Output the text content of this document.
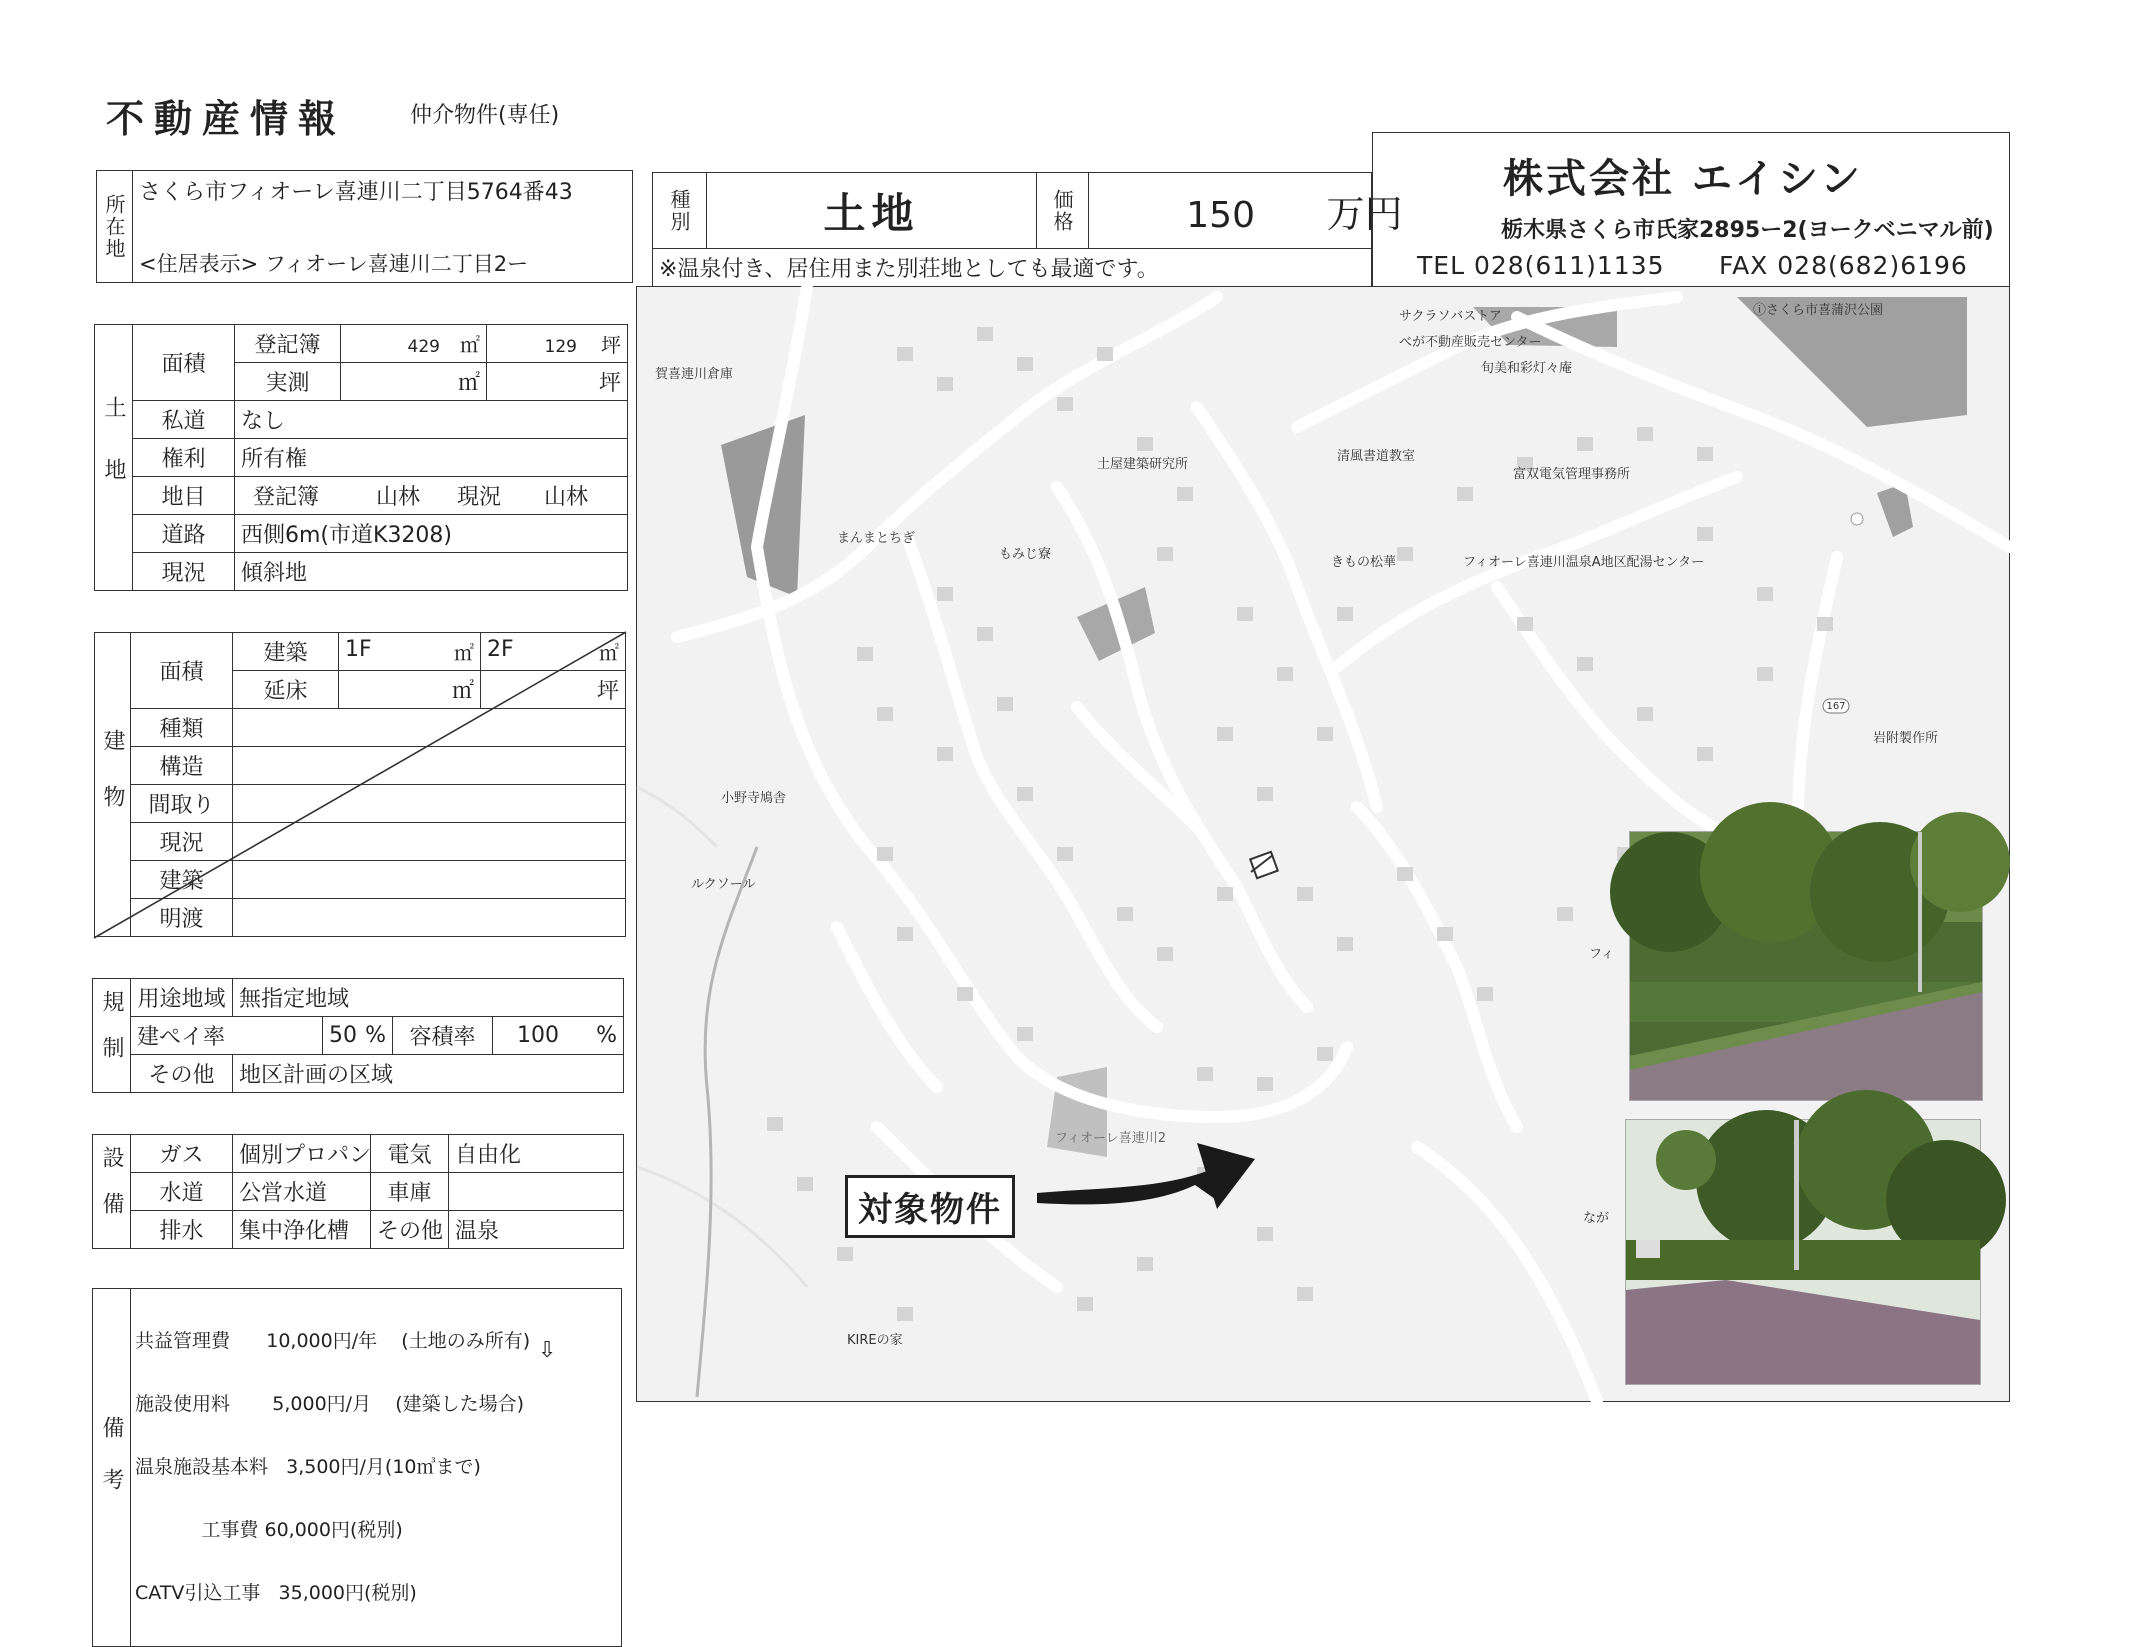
不動産情報	仲介物件(専任)
所在地	さくら市フィオーレ喜連川二丁目5764番43
<住居表示> フィオーレ喜連川二丁目2ー
種別	土地	価格	150 万円
※温泉付き、居住用また別荘地としても最適です。
株式会社 エイシン
栃木県さくら市氏家2895ー2(ヨークベニマル前)
TEL 028(611)1135 FAX 028(682)6196
土地	面積	登記簿	429 ㎡	129 坪
		実測	㎡	坪
	私道	なし		
	権利	所有権		
	地目	登記簿 山林 現況 山林		
	道路	西側6m(市道K3208)		
	現況	傾斜地		
建物	面積	建築	1F ㎡	2F ㎡

		延床	㎡	坪
	種類			
	構造			
	間取り			
	現況			
	建築			
	明渡			
規制	用途地域	無指定地域			
	建ぺイ率		50 %	容積率	100 %

	その他	地区計画の区域			
設備	ガス	個別プロパン	電気	自由化
	水道	公営水道	車庫	
	排水	集中浄化槽	その他	温泉
備考	

共益管理費      10,000円/年    (土地のみ所有)

施設使用料       5,000円/月    (建築した場合)

温泉施設基本料   3,500円/月(10㎥まで)

工事費 60,000円(税別)

CATV引込工事   35,000円(税別)

⇩
サクラソバストア
べが不動産販売センター
旬美和彩灯々庵
ⓘさくら市喜蒲沢公園
賀喜連川倉庫
土屋建築研究所
清風書道教室
富双電気管理事務所
まんまとちぎ
もみじ寮
きもの松華	フィオーレ喜連川温泉A地区配湯センター
167
岩附製作所
小野寺鳩舎
ルクソール
フィオーレ喜連川2
KIREの家
フィ
なが
対象物件
